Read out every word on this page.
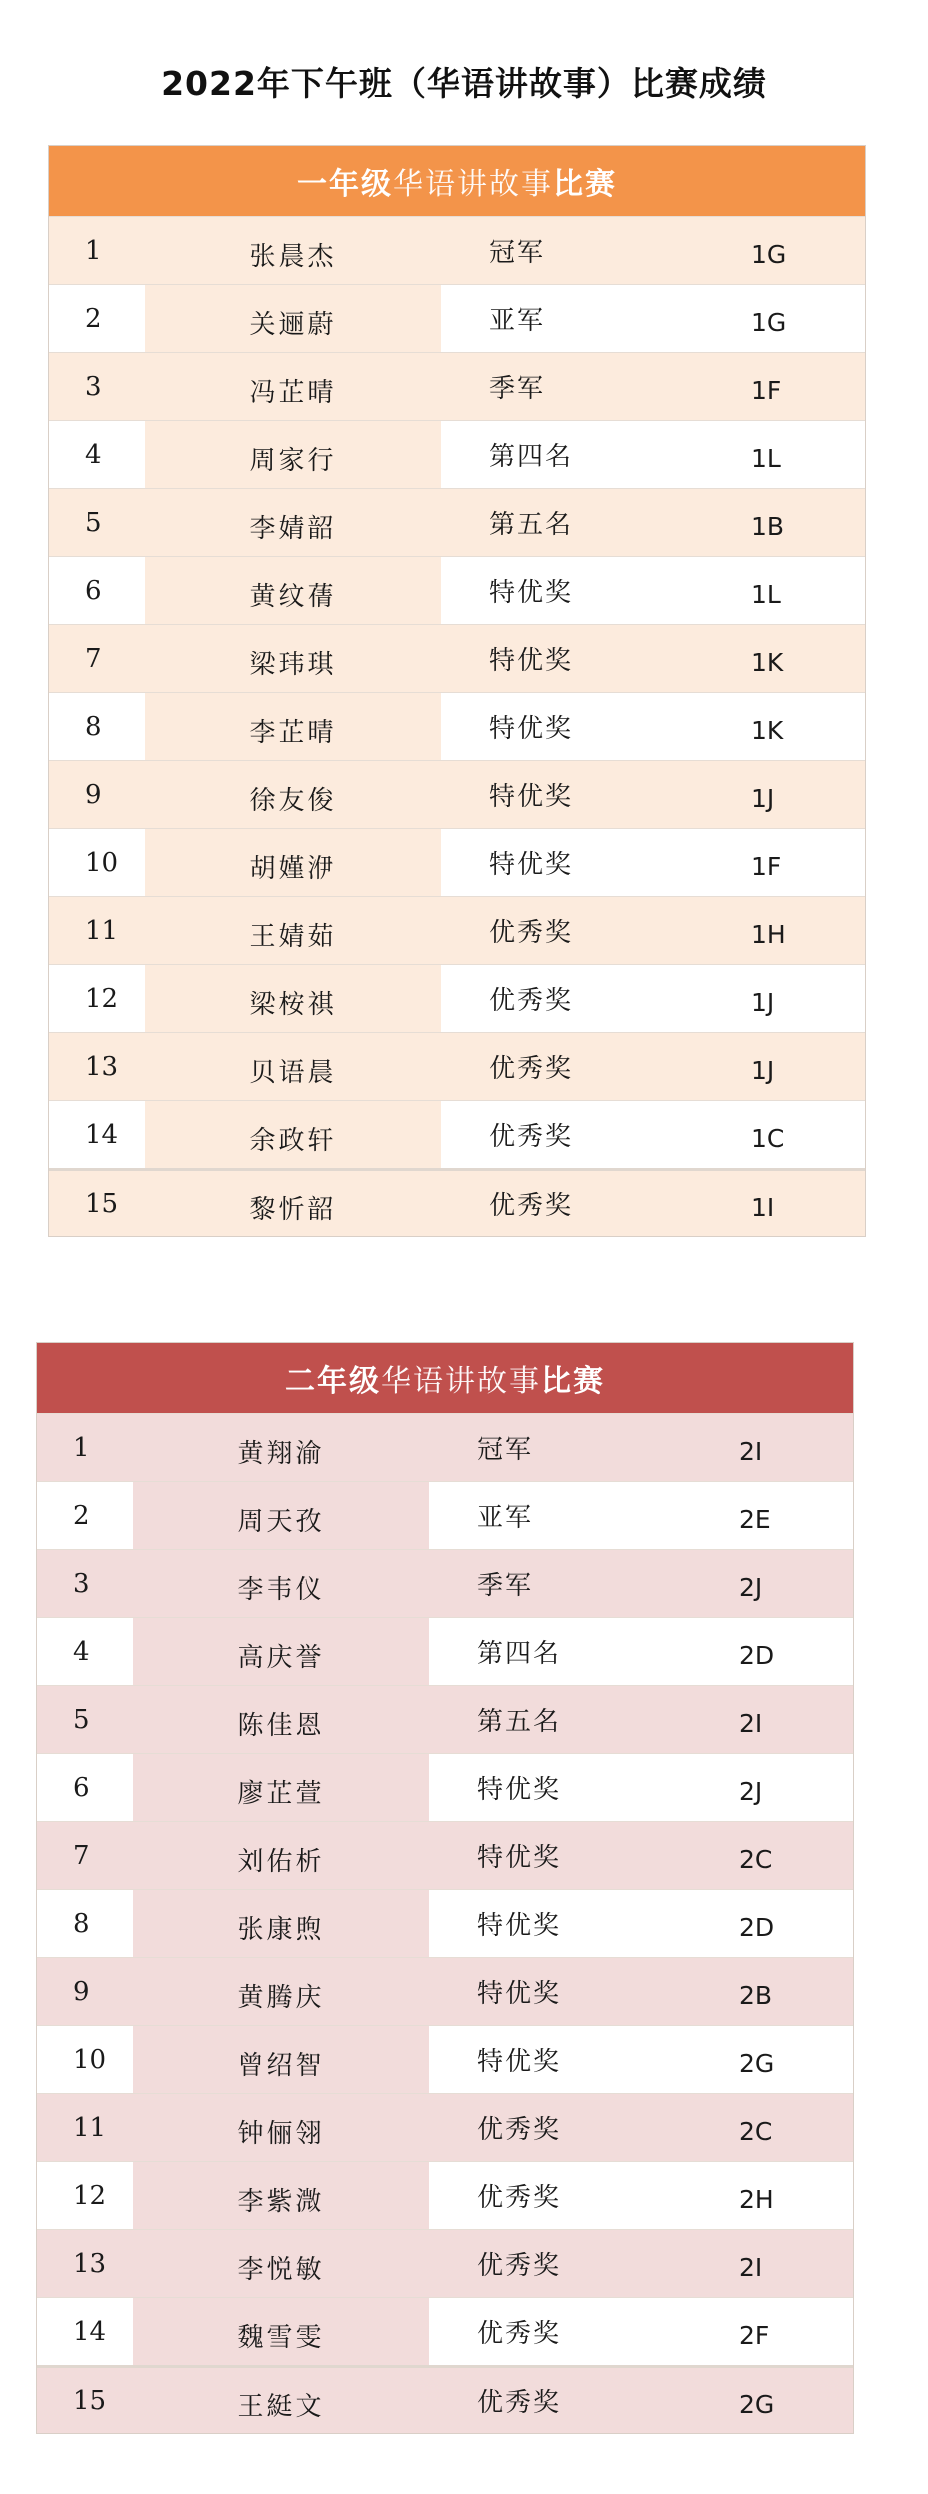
2022年下午班（华语讲故事）比赛成绩
一年级 华语讲故事 比赛
1	张晨杰	冠军	1G
2	关逦蔚	亚军	1G
3	冯芷晴	季军	1F
4	周家行	第四名	1L
5	李婧韶	第五名	1B
6	黄纹蒨	特优奖	1L
7	梁玮琪	特优奖	1K
8	李芷晴	特优奖	1K
9	徐友俊	特优奖	1J
10	胡嫤洢	特优奖	1F
11	王婧茹	优秀奖	1H
12	梁桉祺	优秀奖	1J
13	贝语晨	优秀奖	1J
14	余政轩	优秀奖	1C
15	黎忻韶	优秀奖	1I
二年级 华语讲故事 比赛
1	黄翔渝	冠军	2I
2	周天孜	亚军	2E
3	李韦仪	季军	2J
4	高庆誉	第四名	2D
5	陈佳恩	第五名	2I
6	廖芷萱	特优奖	2J
7	刘佑析	特优奖	2C
8	张康煦	特优奖	2D
9	黄腾庆	特优奖	2B
10	曾绍智	特优奖	2G
11	钟俪翎	优秀奖	2C
12	李紫溦	优秀奖	2H
13	李悦敏	优秀奖	2I
14	魏雪雯	优秀奖	2F
15	王綎文	优秀奖	2G
